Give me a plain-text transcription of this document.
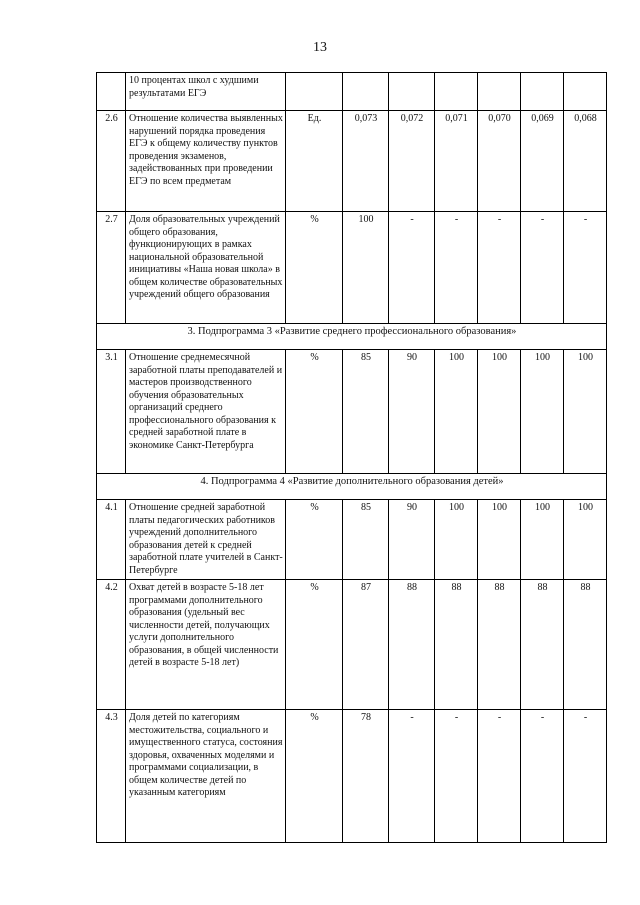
13
	10 процентах школ с худшими результатами ЕГЭ							
2.6	Отношение количества выявленных нарушений порядка проведения ЕГЭ к общему количеству пунктов проведения экзаменов, задействованных при проведении ЕГЭ по всем предметам	Ед.	0,073	0,072	0,071	0,070	0,069	0,068
2.7	Доля образовательных учреждений общего образования, функционирующих в рамках национальной образовательной инициативы «Наша новая школа» в общем количестве образовательных учреждений общего образования	%	100	-	-	-	-	-
3. Подпрограмма 3 «Развитие среднего профессионального образования»								
3.1	Отношение среднемесячной заработной платы преподавателей и мастеров производственного обучения образовательных организаций среднего профессионального образования к средней заработной плате в экономике Санкт-Петербурга	%	85	90	100	100	100	100
4. Подпрограмма 4 «Развитие дополнительного образования детей»								
4.1	Отношение средней заработной платы педагогических работников учреждений дополнительного образования детей к средней заработной плате учителей в Санкт-Петербурге	%	85	90	100	100	100	100
4.2	Охват детей в возрасте 5-18 лет программами дополнительного образования (удельный вес численности детей, получающих услуги дополнительного образования, в общей численности детей в возрасте 5-18 лет)	%	87	88	88	88	88	88
4.3	Доля детей по категориям местожительства, социального и имущественного статуса, состояния здоровья, охваченных моделями и программами социализации, в общем количестве детей по указанным категориям	%	78	-	-	-	-	-
